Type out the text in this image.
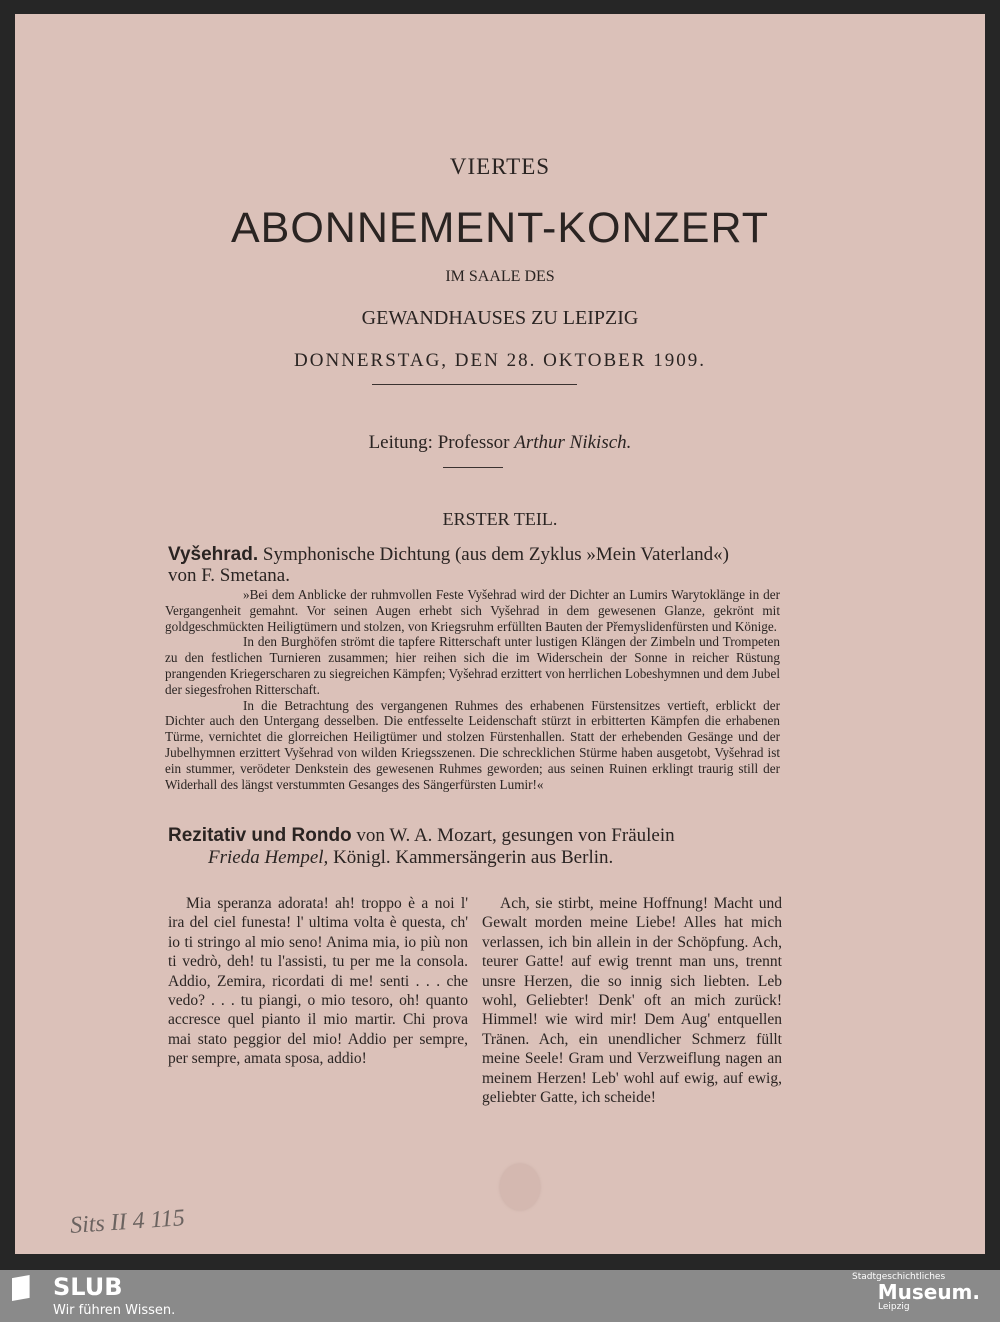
VIERTES
ABONNEMENT-KONZERT
IM SAALE DES
GEWANDHAUSES ZU LEIPZIG
DONNERSTAG, DEN 28. OKTOBER 1909.
Leitung: Professor Arthur Nikisch.
ERSTER TEIL.
Vyšehrad. Symphonische Dichtung (aus dem Zyklus »Mein Vaterland«)
von F. Smetana.
»Bei dem Anblicke der ruhmvollen Feste Vyšehrad wird der Dichter an Lumirs Warytoklänge in der Vergangenheit gemahnt. Vor seinen Augen erhebt sich Vyšehrad in dem gewesenen Glanze, gekrönt mit goldgeschmückten Heiligtümern und stolzen, von Kriegsruhm erfüllten Bauten der Přemyslidenfürsten und Könige.
In den Burghöfen strömt die tapfere Ritterschaft unter lustigen Klängen der Zimbeln und Trompeten zu den festlichen Turnieren zusammen; hier reihen sich die im Widerschein der Sonne in reicher Rüstung prangenden Kriegerscharen zu siegreichen Kämpfen; Vyšehrad erzittert von herrlichen Lobeshymnen und dem Jubel der siegesfrohen Ritterschaft.
In die Betrachtung des vergangenen Ruhmes des erhabenen Fürstensitzes vertieft, erblickt der Dichter auch den Untergang desselben. Die entfesselte Leidenschaft stürzt in erbitterten Kämpfen die erhabenen Türme, vernichtet die glorreichen Heiligtümer und stolzen Fürstenhallen. Statt der erhebenden Gesänge und der Jubelhymnen erzittert Vyšehrad von wilden Kriegsszenen. Die schrecklichen Stürme haben ausgetobt, Vyšehrad ist ein stummer, verödeter Denkstein des gewesenen Ruhmes geworden; aus seinen Ruinen erklingt traurig still der Widerhall des längst verstummten Gesanges des Sängerfürsten Lumir!«
Rezitativ und Rondo von W. A. Mozart, gesungen von Fräulein
Frieda Hempel, Königl. Kammersängerin aus Berlin.
Mia speranza adorata! ah! troppo è a noi l' ira del ciel funesta! l' ultima volta è questa, ch' io ti stringo al mio seno! Anima mia, io più non ti vedrò, deh! tu l'assisti, tu per me la consola. Addio, Zemira, ricordati di me! senti . . . che vedo? . . . tu piangi, o mio tesoro, oh! quanto accresce quel pianto il mio martir. Chi prova mai stato peggior del mio! Addio per sempre, per sempre, amata sposa, addio!
Ach, sie stirbt, meine Hoffnung! Macht und Gewalt morden meine Liebe! Alles hat mich verlassen, ich bin allein in der Schöpfung. Ach, teurer Gatte! auf ewig trennt man uns, trennt unsre Herzen, die so innig sich liebten. Leb wohl, Geliebter! Denk' oft an mich zurück! Himmel! wie wird mir! Dem Aug' entquellen Tränen. Ach, ein unendlicher Schmerz füllt meine Seele! Gram und Verzweiflung nagen an meinem Herzen! Leb' wohl auf ewig, auf ewig, geliebter Gatte, ich scheide!
Sits II 4 115
SLUB
Wir führen Wissen.
Stadtgeschichtliches
Museum.
Leipzig
